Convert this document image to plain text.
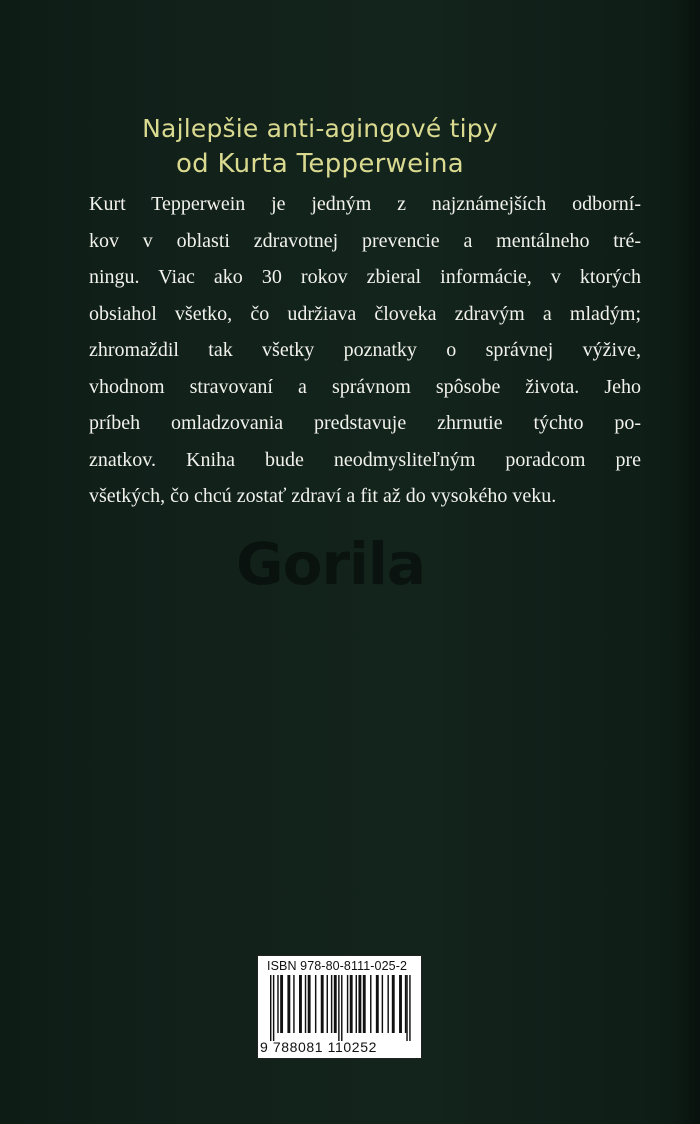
Najlepšie anti-agingové tipy
od Kurta Tepperweina

Kurt Tepperwein je jedným z najznámejších odborní-
kov v oblasti zdravotnej prevencie a mentálneho tré-
ningu. Viac ako 30 rokov zbieral informácie, v ktorých
obsiahol všetko, čo udržiava človeka zdravým a mladým;
zhromaždil tak všetky poznatky o správnej výžive,
vhodnom stravovaní a správnom spôsobe života. Jeho
príbeh omladzovania predstavuje zhrnutie týchto po-
znatkov. Kniha bude neodmysliteľným poradcom pre
všetkých, čo chcú zostať zdraví a fit až do vysokého veku.

Gorila
ISBN 978-80-8111-025-2
9 788081 110252
